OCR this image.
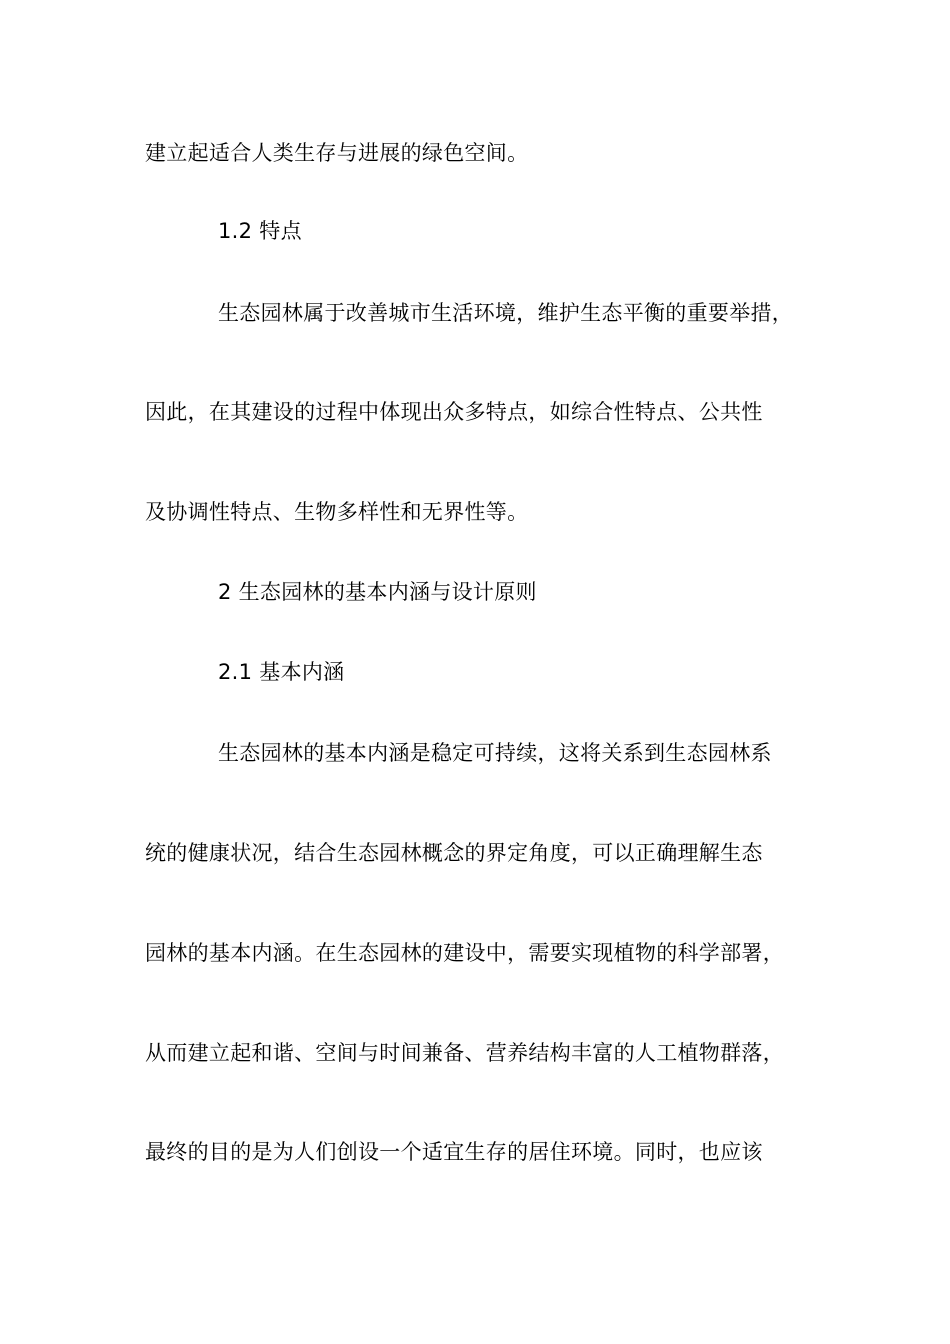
建立起适合人类生存与进展的绿色空间。
1.2 特点
生态园林属于改善城市生活环境，维护生态平衡的重要举措，
因此，在其建设的过程中体现出众多特点，如综合性特点、公共性
及协调性特点、生物多样性和无界性等。
2 生态园林的基本内涵与设计原则
2.1 基本内涵
生态园林的基本内涵是稳定可持续，这将关系到生态园林系
统的健康状况，结合生态园林概念的界定角度，可以正确理解生态
园林的基本内涵。在生态园林的建设中，需要实现植物的科学部署，
从而建立起和谐、空间与时间兼备、营养结构丰富的人工植物群落，
最终的目的是为人们创设一个适宜生存的居住环境。同时，也应该
